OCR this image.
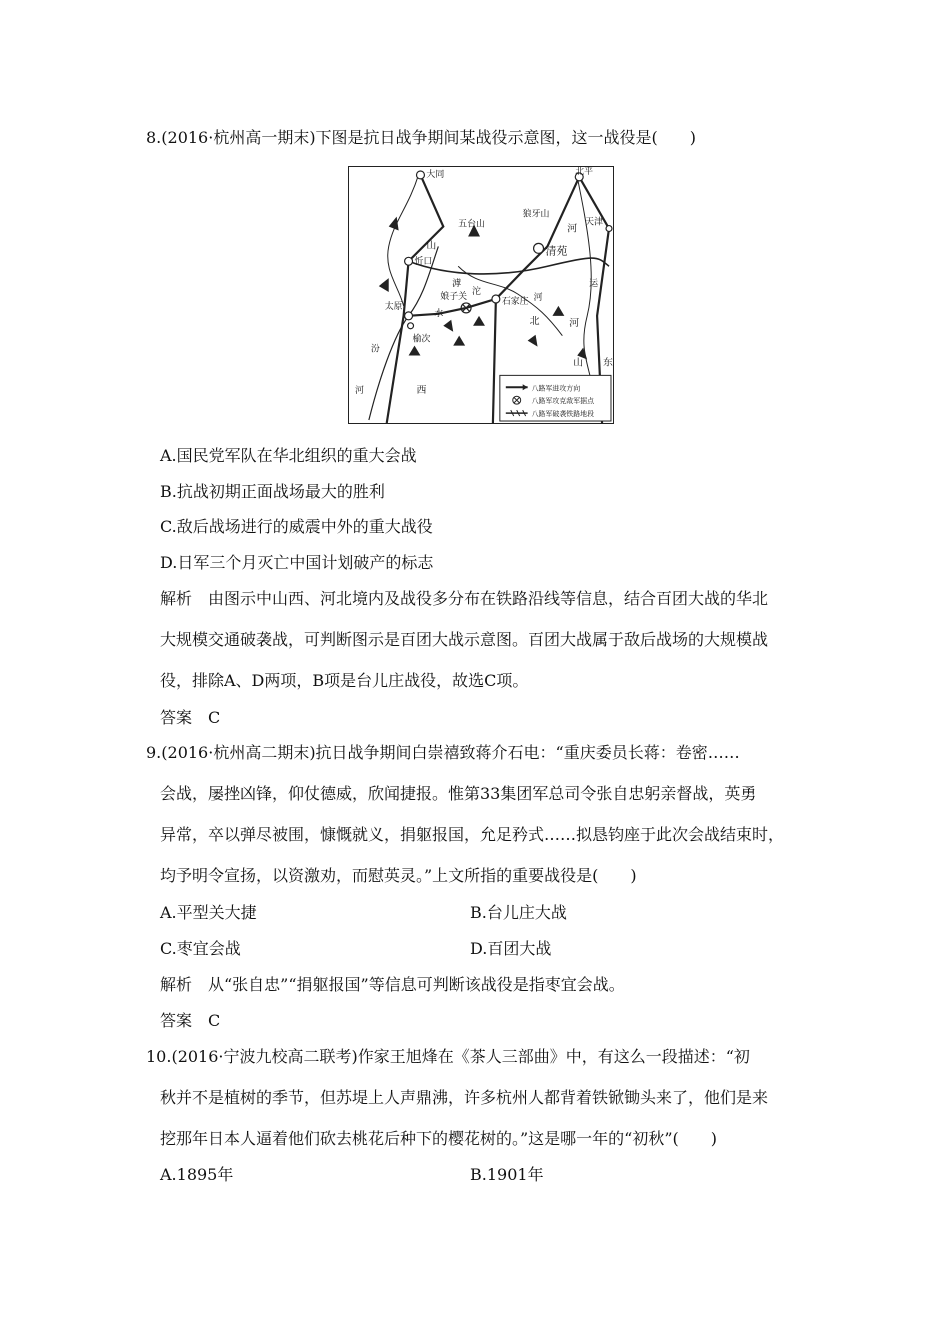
8.(2016·杭州高一期末)下图是抗日战争期间某战役示意图，这一战役是(　　)
大同	北平
天津
五台山
狼牙山
清苑
忻口
娘子关	石家庄
太原
榆次
山
西
河
北
滹
沱
汾
河
运
河
山 东
河
水
八路军进攻方向
八路军攻克敌军据点
八路军破袭铁路地段
A.国民党军队在华北组织的重大会战
B.抗战初期正面战场最大的胜利
C.敌后战场进行的威震中外的重大战役
D.日军三个月灭亡中国计划破产的标志
解析　由图示中山西、河北境内及战役多分布在铁路沿线等信息，结合百团大战的华北
大规模交通破袭战，可判断图示是百团大战示意图。百团大战属于敌后战场的大规模战
役，排除A、D两项，B项是台儿庄战役，故选C项。
答案　C
9.(2016·杭州高二期末)抗日战争期间白崇禧致蒋介石电：“重庆委员长蒋：卷密……
会战，屡挫凶锋，仰仗德威，欣闻捷报。惟第33集团军总司令张自忠躬亲督战，英勇
异常，卒以弹尽被围，慷慨就义，捐躯报国，允足矜式……拟恳钧座于此次会战结束时，
均予明令宣扬，以资激劝，而慰英灵。”上文所指的重要战役是(　　)
A.平型关大捷	B.台儿庄大战
C.枣宜会战	D.百团大战
解析　从“张自忠”“捐躯报国”等信息可判断该战役是指枣宜会战。
答案　C
10.(2016·宁波九校高二联考)作家王旭烽在《茶人三部曲》中，有这么一段描述：“初
秋并不是植树的季节，但苏堤上人声鼎沸，许多杭州人都背着铁锨锄头来了，他们是来
挖那年日本人逼着他们砍去桃花后种下的樱花树的。”这是哪一年的“初秋”(　　)
A.1895年	B.1901年
